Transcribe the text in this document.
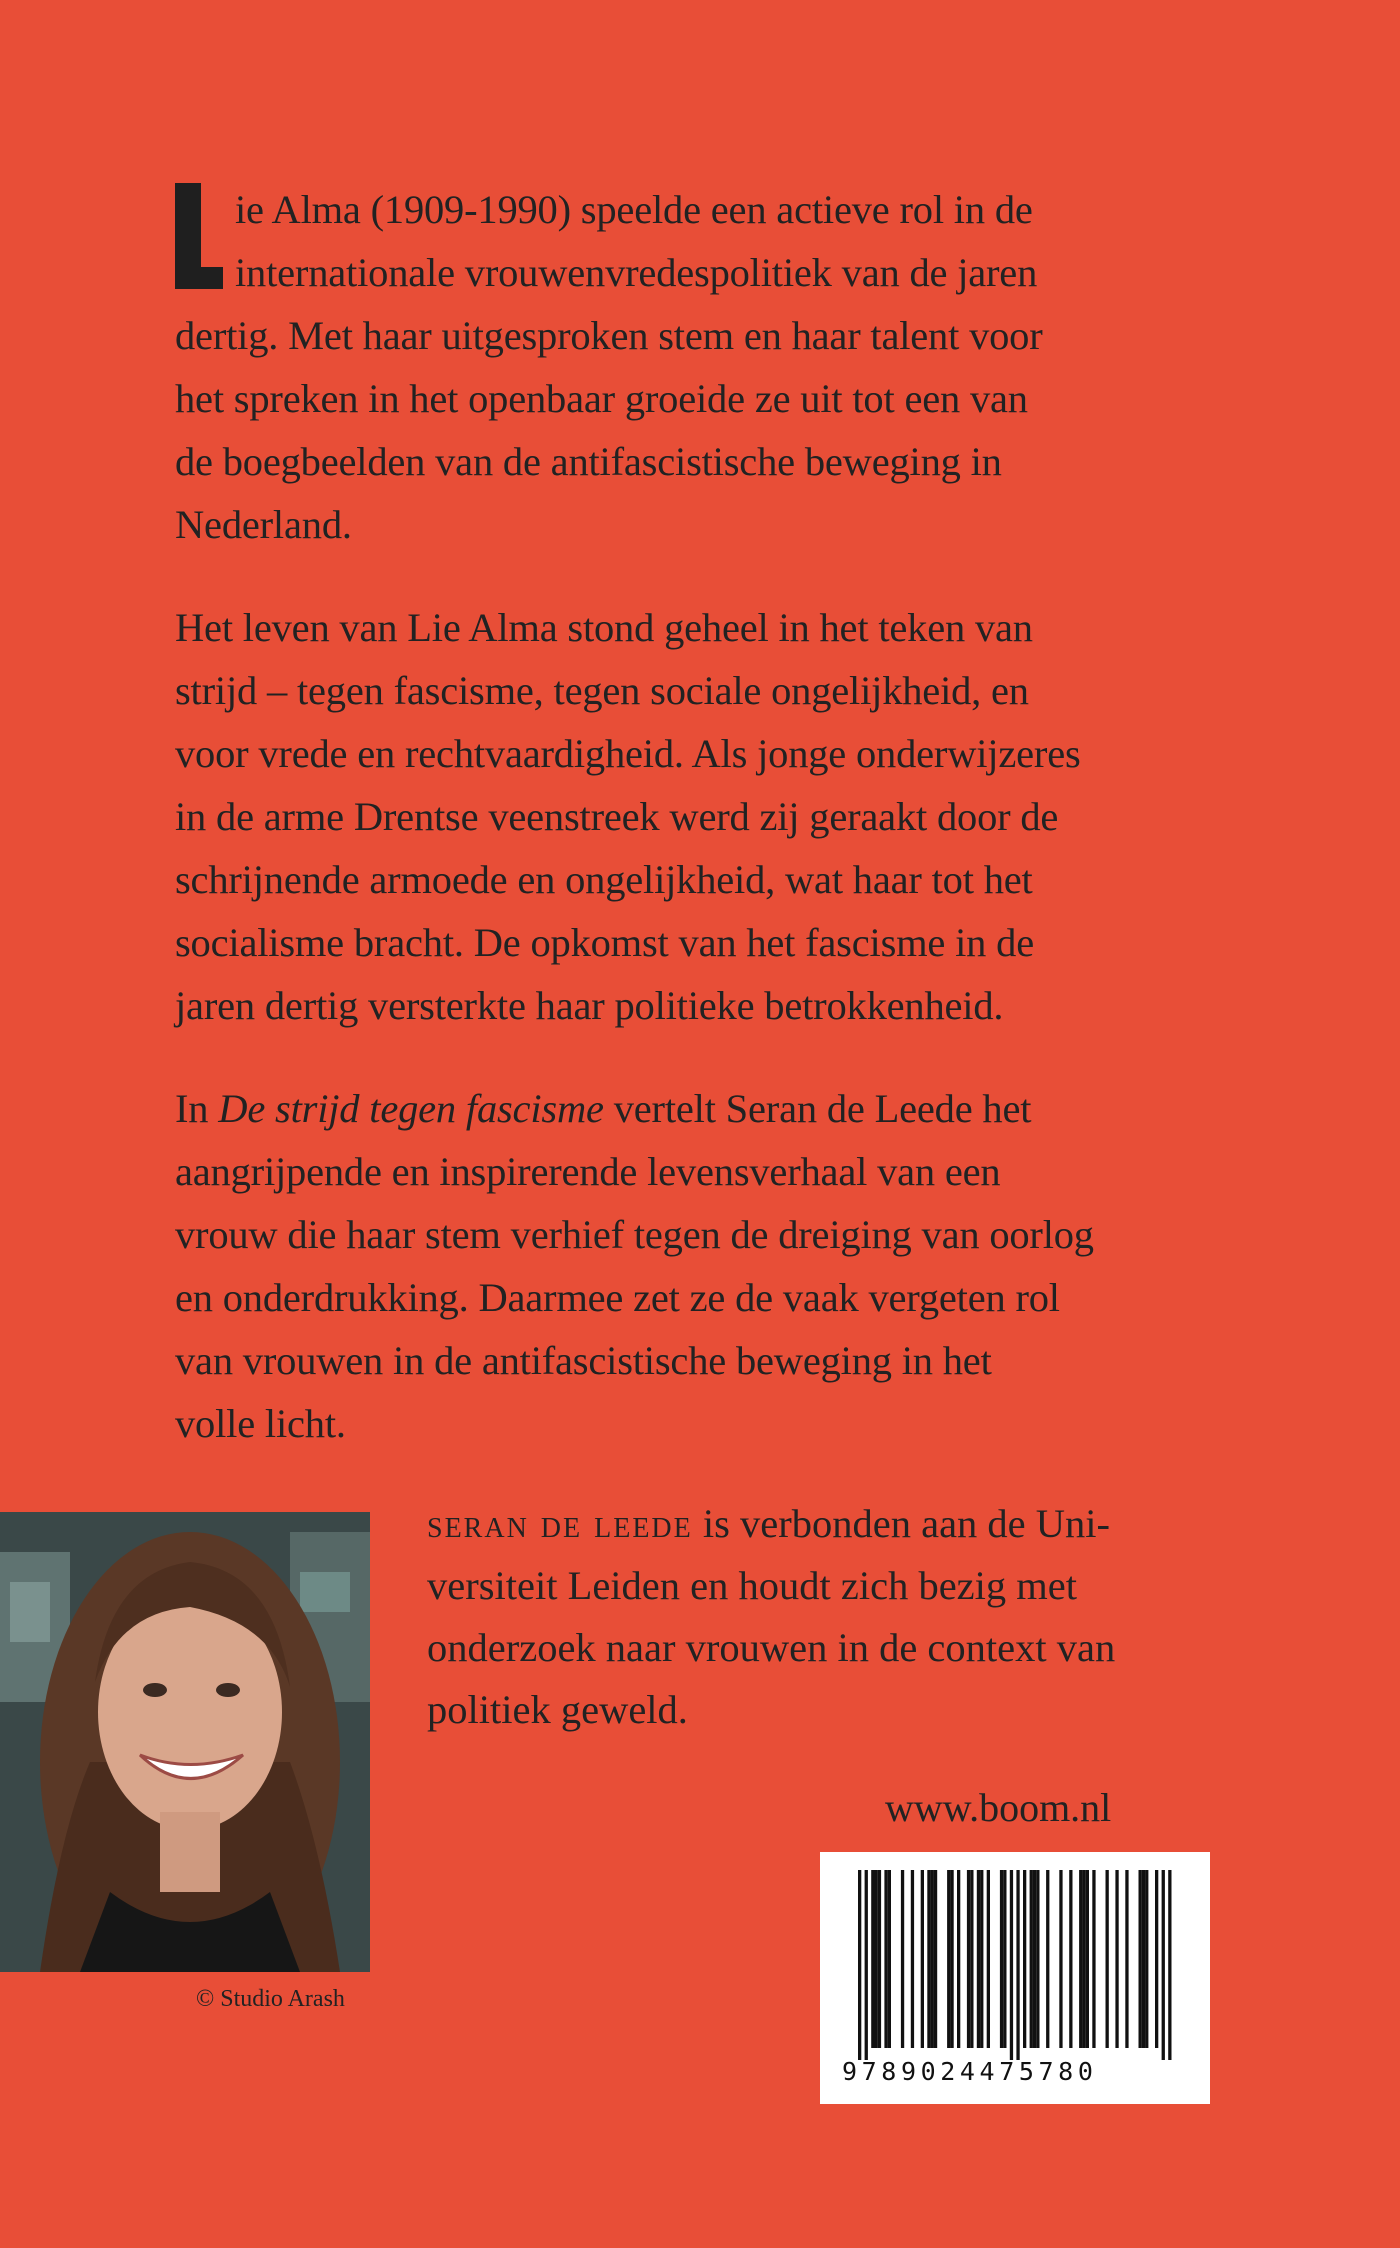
ie Alma (1909-1990) speelde een actieve rol in de
internationale vrouwenvredespolitiek van de jaren
dertig. Met haar uitgesproken stem en haar talent voor
het spreken in het openbaar groeide ze uit tot een van
de boegbeelden van de antifascistische beweging in
Nederland.
Het leven van Lie Alma stond geheel in het teken van
strijd – tegen fascisme, tegen sociale ongelijkheid, en
voor vrede en rechtvaardigheid. Als jonge onderwijzeres
in de arme Drentse veenstreek werd zij geraakt door de
schrijnende armoede en ongelijkheid, wat haar tot het
socialisme bracht. De opkomst van het fascisme in de
jaren dertig versterkte haar politieke betrokkenheid.
In De strijd tegen fascisme vertelt Seran de Leede het
aangrijpende en inspirerende levensverhaal van een
vrouw die haar stem verhief tegen de dreiging van oorlog
en onderdrukking. Daarmee zet ze de vaak vergeten rol
van vrouwen in de antifascistische beweging in het
volle licht.
© Studio Arash
seran de leede is verbonden aan de Uni-
versiteit Leiden en houdt zich bezig met
onderzoek naar vrouwen in de context van
politiek geweld.
www.boom.nl
9789024475780
